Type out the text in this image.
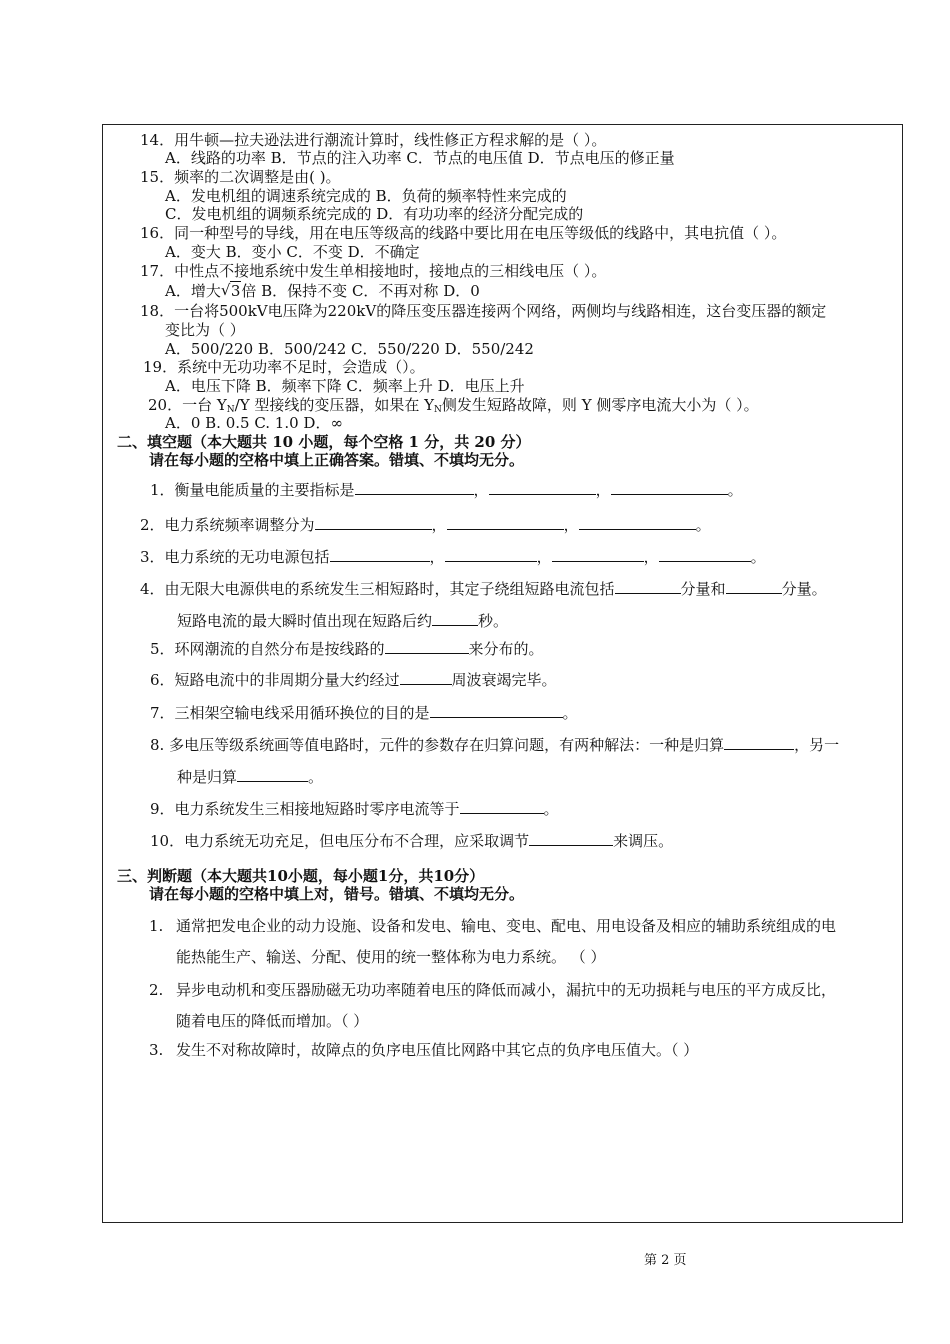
14．用牛顿—拉夫逊法进行潮流计算时，线性修正方程求解的是（ ）。
A．线路的功率 B．节点的注入功率 C．节点的电压值 D．节点电压的修正量
15．频率的二次调整是由( )。
A．发电机组的调速系统完成的 B．负荷的频率特性来完成的
C．发电机组的调频系统完成的 D．有功功率的经济分配完成的
16．同一种型号的导线，用在电压等级高的线路中要比用在电压等级低的线路中，其电抗值（ ）。
A．变大 B．变小 C．不变 D．不确定
17．中性点不接地系统中发生单相接地时，接地点的三相线电压（ ）。
A．增大 √ 3倍 B．保持不变 C．不再对称 D．0
18．一台将500kV电压降为220kV的降压变压器连接两个网络，两侧均与线路相连，这台变压器的额定
变比为（ ）
A．500/220 B．500/242 C．550/220 D．550/242
19．系统中无功功率不足时，会造成（）。
A．电压下降 B．频率下降 C．频率上升 D．电压上升
20．一台 $Y_N/Y$ 型接线的变压器，如果在 $Y_N$侧发生短路故障，则 Y 侧零序电流大小为（ ）。
A．0 B. 0.5 C. 1.0 D．∞
二、填空题（本大题共 10 小题，每个空格 1 分，共 20 分）
请在每小题的空格中填上正确答案。错填、不填均无分。
1．衡量电能质量的主要指标是	，	，	。
2．电力系统频率调整分为	，	，	。
3．电力系统的无功电源包括	，	，	，	。
4．由无限大电源供电的系统发生三相短路时，其定子绕组短路电流包括	分量和	分量。
短路电流的最大瞬时值出现在短路后约	秒。
5．环网潮流的自然分布是按线路的	来分布的。
6．短路电流中的非周期分量大约经过	周波衰竭完毕。
7．三相架空输电线采用循环换位的目的是	。
8. 多电压等级系统画等值电路时，元件的参数存在归算问题，有两种解法：一种是归算	，另一
种是归算	。
9．电力系统发生三相接地短路时零序电流等于	。
10．电力系统无功充足，但电压分布不合理，应采取调节	来调压。
三、判断题（本大题共10小题，每小题1分，共10分）
请在每小题的空格中填上对，错号。错填、不填均无分。
1. 通常把发电企业的动力设施、设备和发电、输电、变电、配电、用电设备及相应的辅助系统组成的电
能热能生产、输送、分配、使用的统一整体称为电力系统。 （ ）
2. 异步电动机和变压器励磁无功功率随着电压的降低而减小，漏抗中的无功损耗与电压的平方成反比，
随着电压的降低而增加。（ ）
3. 发生不对称故障时，故障点的负序电压值比网路中其它点的负序电压值大。（ ）
第 2 页
